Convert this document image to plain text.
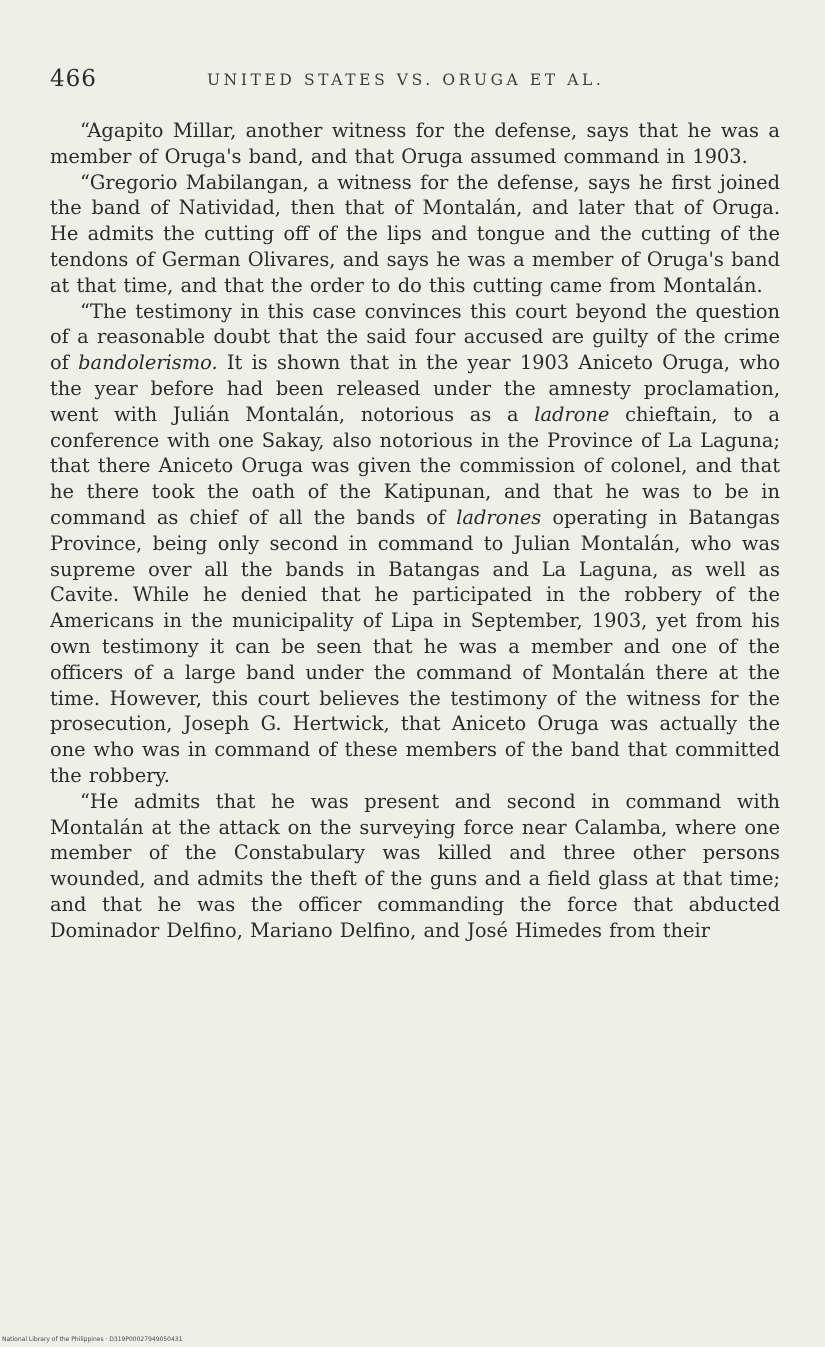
466	UNITED STATES VS. ORUGA ET AL.

“Agapito Millar, another witness for the defense, says that he was a member of Oruga's band, and that Oruga assumed command in 1903.

“Gregorio Mabilangan, a witness for the defense, says he first joined the band of Natividad, then that of Montalán, and later that of Oruga. He admits the cutting off of the lips and tongue and the cutting of the tendons of German Olivares, and says he was a member of Oruga's band at that time, and that the order to do this cutting came from Montalán.

“The testimony in this case convinces this court beyond the question of a reasonable doubt that the said four accused are guilty of the crime of bandolerismo. It is shown that in the year 1903 Aniceto Oruga, who the year before had been released under the amnesty proclamation, went with Julián Montalán, notorious as a ladrone chieftain, to a conference with one Sakay, also notorious in the Province of La Laguna; that there Aniceto Oruga was given the commission of colonel, and that he there took the oath of the Katipunan, and that he was to be in command as chief of all the bands of ladrones operating in Batangas Province, being only second in command to Julian Montalán, who was supreme over all the bands in Batangas and La Laguna, as well as Cavite. While he denied that he participated in the robbery of the Americans in the municipality of Lipa in September, 1903, yet from his own testimony it can be seen that he was a member and one of the officers of a large band under the command of Montalán there at the time. However, this court believes the testimony of the witness for the prosecution, Joseph G. Hertwick, that Aniceto Oruga was actually the one who was in command of these members of the band that committed the robbery.

“He admits that he was present and second in command with Montalán at the attack on the surveying force near Calamba, where one member of the Constabulary was killed and three other persons wounded, and admits the theft of the guns and a field glass at that time; and that he was the officer commanding the force that abducted Dominador Delfino, Mariano Delfino, and José Himedes from their

National Library of the Philippines · D319P00027949050431
